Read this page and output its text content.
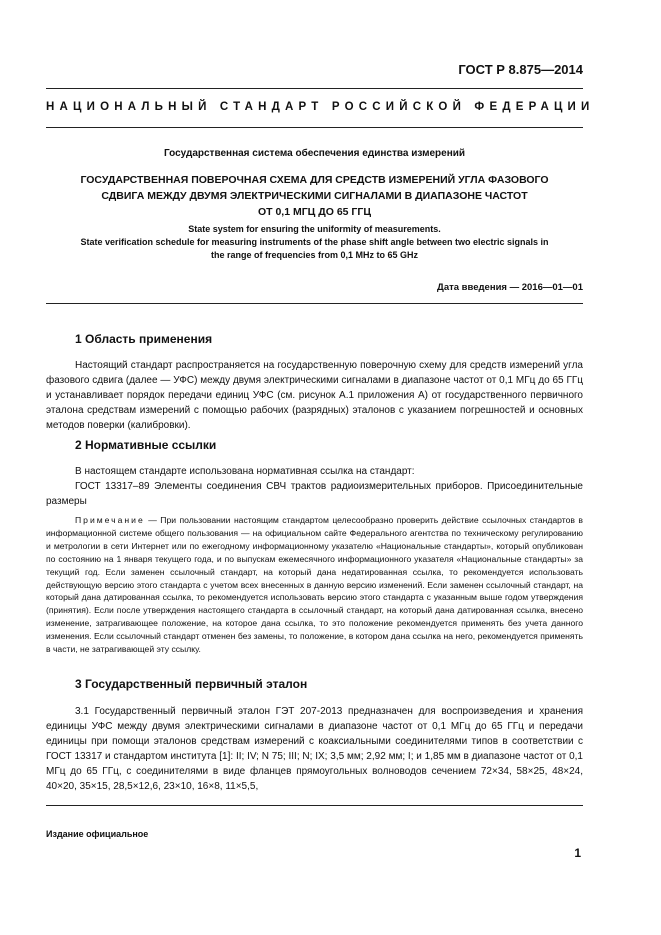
ГОСТ Р 8.875—2014
НАЦИОНАЛЬНЫЙ СТАНДАРТ РОССИЙСКОЙ ФЕДЕРАЦИИ
Государственная система обеспечения единства измерений
ГОСУДАРСТВЕННАЯ ПОВЕРОЧНАЯ СХЕМА ДЛЯ СРЕДСТВ ИЗМЕРЕНИЙ УГЛА ФАЗОВОГО
СДВИГА МЕЖДУ ДВУМЯ ЭЛЕКТРИЧЕСКИМИ СИГНАЛАМИ В ДИАПАЗОНЕ ЧАСТОТ
ОТ 0,1 МГЦ ДО 65 ГГЦ
State system for ensuring the uniformity of measurements.
State verification schedule for measuring instruments of the phase shift angle between two electric signals in
the range of frequencies from 0,1 MHz to 65 GHz
Дата введения — 2016—01—01
1 Область применения

Настоящий стандарт распространяется на государственную поверочную схему для средств измерений угла фазового сдвига (далее — УФС) между двумя электрическими сигналами в диапазоне частот от 0,1 МГц до 65 ГГц и устанавливает порядок передачи единиц УФС (см. рисунок А.1 приложения А) от государственного первичного эталона средствам измерений с помощью рабочих (разрядных) эталонов с указанием погрешностей и основных методов поверки (калибровки).

2 Нормативные ссылки

В настоящем стандарте использована нормативная ссылка на стандарт:

ГОСТ 13317–89 Элементы соединения СВЧ трактов радиоизмерительных приборов. Присоединительные размеры

Примечание — При пользовании настоящим стандартом целесообразно проверить действие ссылочных стандартов в информационной системе общего пользования — на официальном сайте Федерального агентства по техническому регулированию и метрологии в сети Интернет или по ежегодному информационному указателю «Национальные стандарты», который опубликован по состоянию на 1 января текущего года, и по выпускам ежемесячного информационного указателя «Национальные стандарты» за текущий год. Если заменен ссылочный стандарт, на который дана недатированная ссылка, то рекомендуется использовать действующую версию этого стандарта с учетом всех внесенных в данную версию изменений. Если заменен ссылочный стандарт, на который дана датированная ссылка, то рекомендуется использовать версию этого стандарта с указанным выше годом утверждения (принятия). Если после утверждения настоящего стандарта в ссылочный стандарт, на который дана датированная ссылка, внесено изменение, затрагивающее положение, на которое дана ссылка, то это положение рекомендуется применять без учета данного изменения. Если ссылочный стандарт отменен без замены, то положение, в котором дана ссылка на него, рекомендуется применять в части, не затрагивающей эту ссылку.

3 Государственный первичный эталон

3.1 Государственный первичный эталон ГЭТ 207-2013 предназначен для воспроизведения и хранения единицы УФС между двумя электрическими сигналами в диапазоне частот от 0,1 МГц до 65 ГГц и передачи единицы при помощи эталонов средствам измерений с коаксиальными соединителями типов в соответствии с ГОСТ 13317 и стандартом института [1]: II; IV; N 75; III; N; IX; 3,5 мм; 2,92 мм; I; и 1,85 мм в диапазоне частот от 0,1 МГц до 65 ГГц, с соединителями в виде фланцев прямоугольных волноводов сечением 72×34, 58×25, 48×24, 40×20, 35×15, 28,5×12,6, 23×10, 16×8, 11×5,5,

Издание официальное
1
